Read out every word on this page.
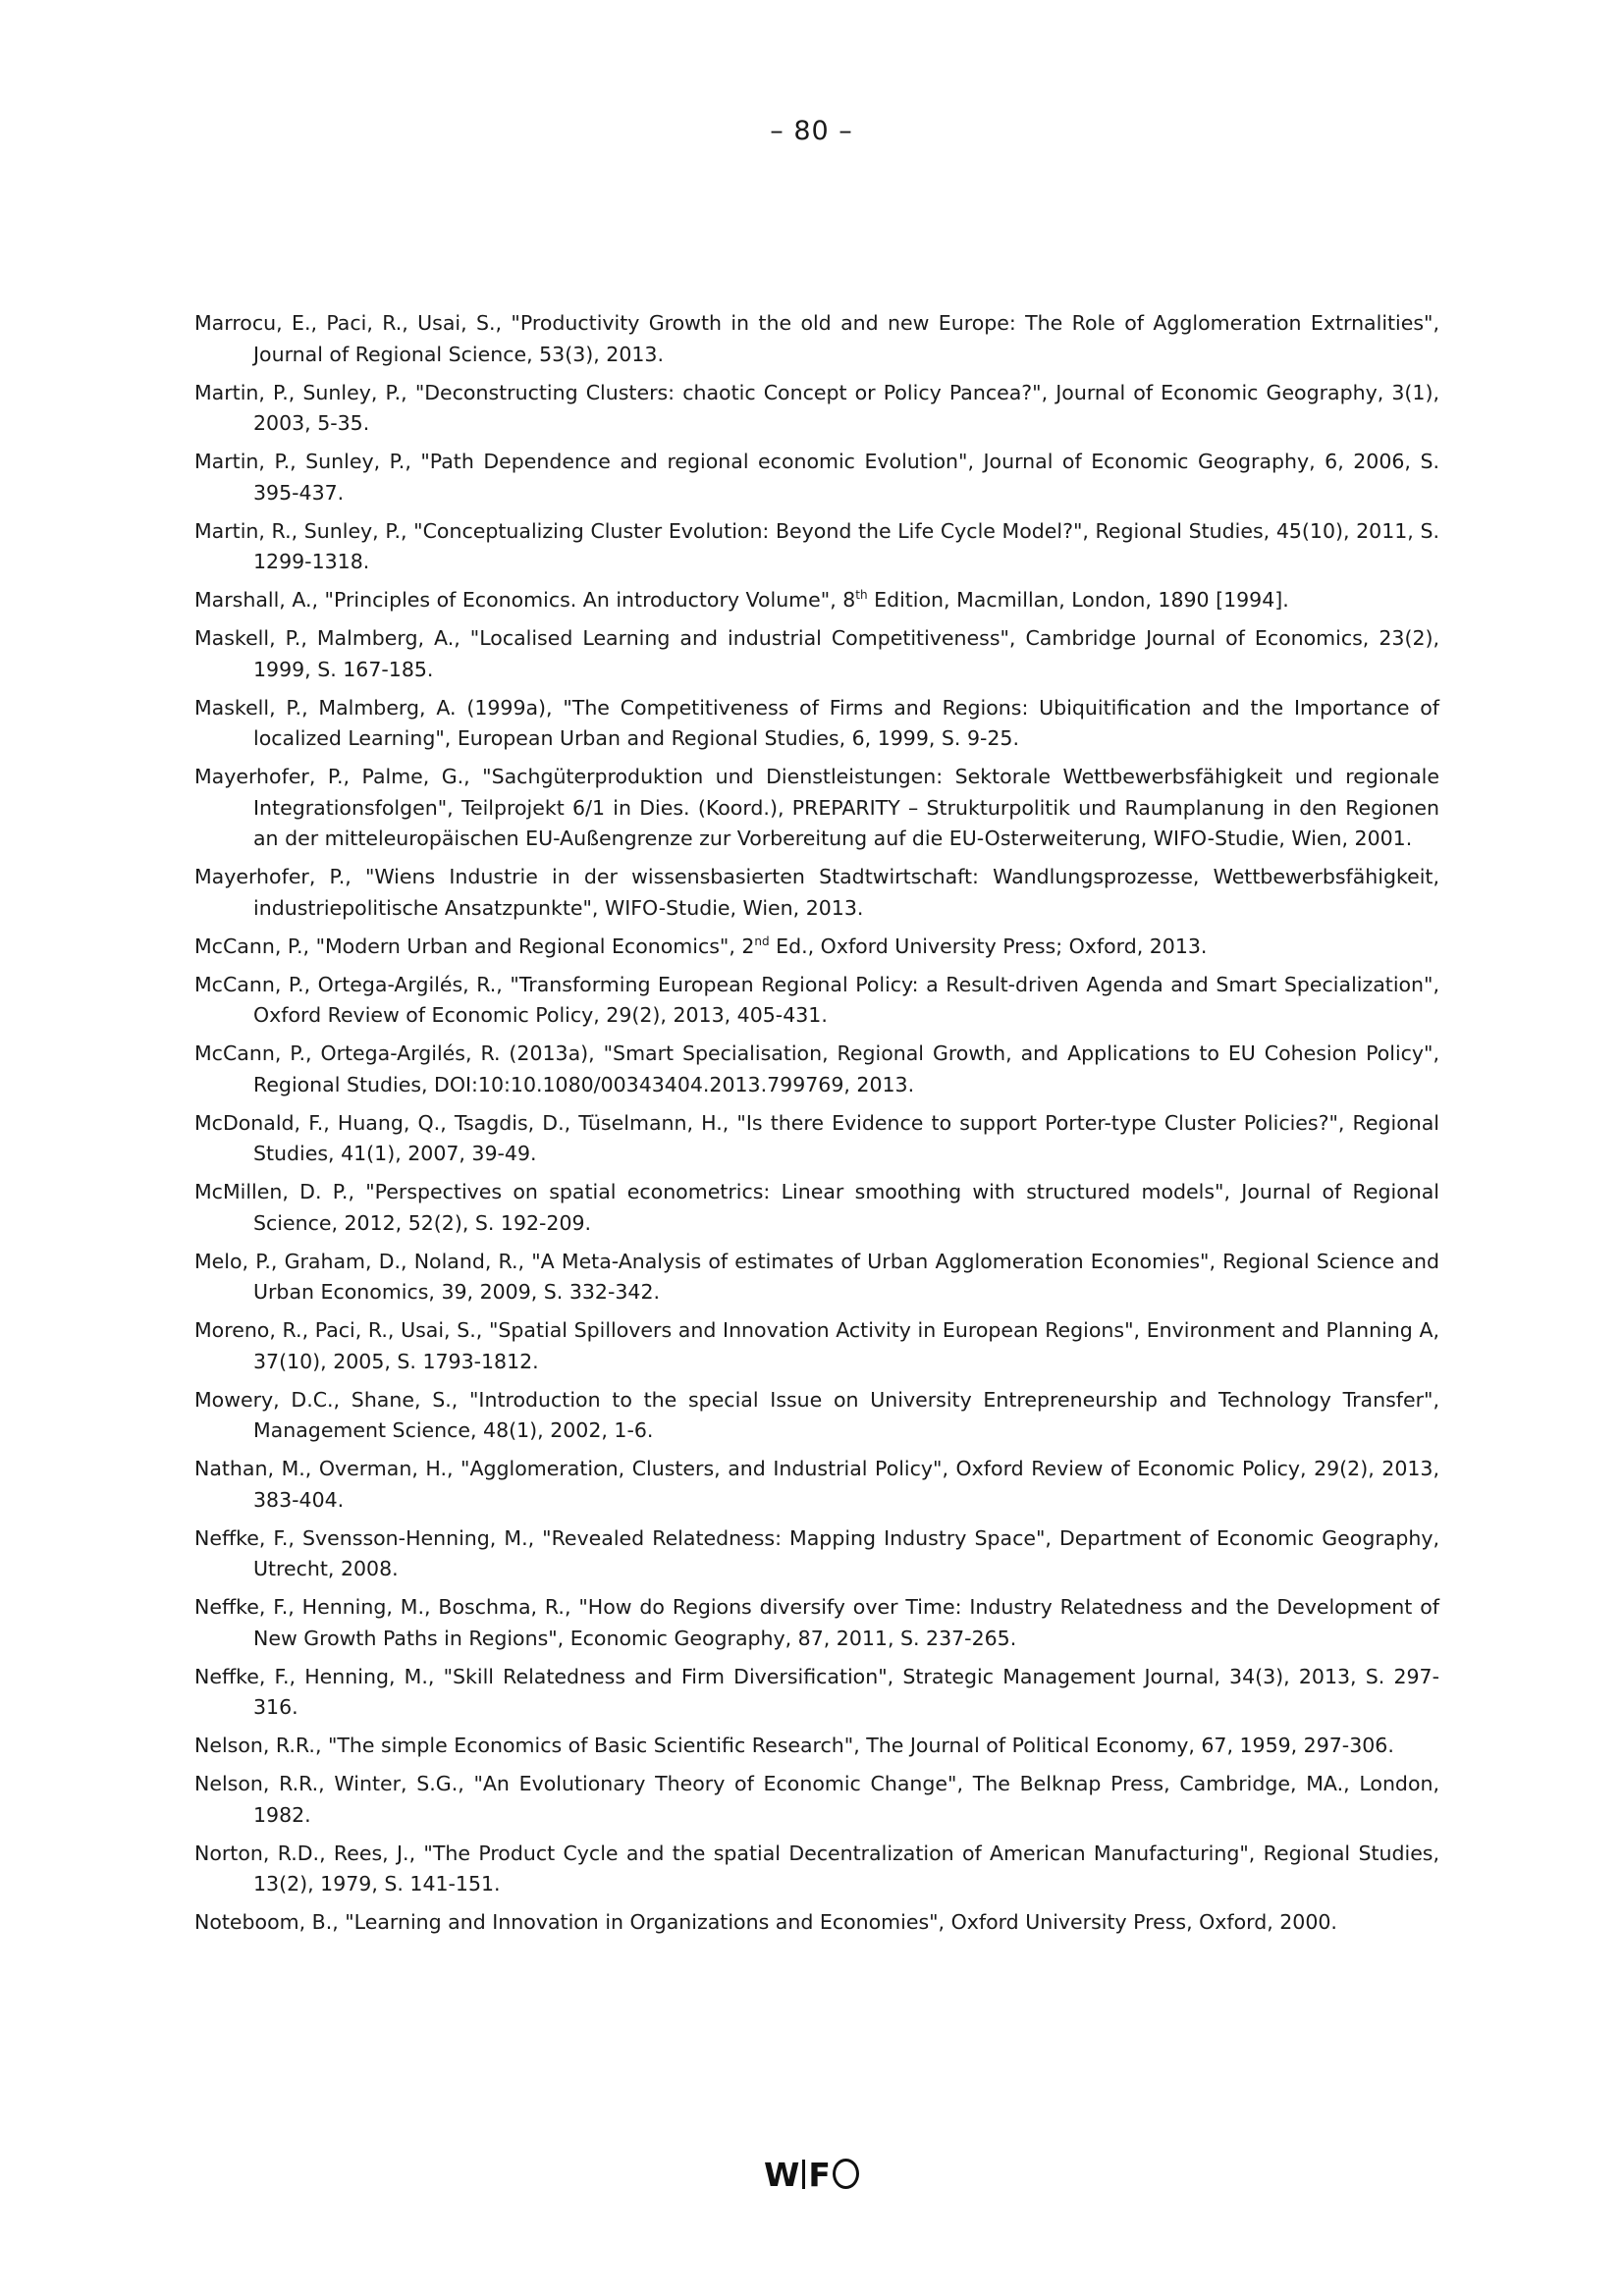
– 80 –
Marrocu, E., Paci, R., Usai, S., "Productivity Growth in the old and new Europe: The Role of Agglomeration Extrnalities", Journal of Regional Science, 53(3), 2013.
Martin, P., Sunley, P., "Deconstructing Clusters: chaotic Concept or Policy Pancea?", Journal of Economic Geography, 3(1), 2003, 5-35.
Martin, P., Sunley, P., "Path Dependence and regional economic Evolution", Journal of Economic Geography, 6, 2006, S. 395-437.
Martin, R., Sunley, P., "Conceptualizing Cluster Evolution: Beyond the Life Cycle Model?", Regional Studies, 45(10), 2011, S. 1299-1318.
Marshall, A., "Principles of Economics. An introductory Volume", 8th Edition, Macmillan, London, 1890 [1994].
Maskell, P., Malmberg, A., "Localised Learning and industrial Competitiveness", Cambridge Journal of Economics, 23(2), 1999, S. 167-185.
Maskell, P., Malmberg, A. (1999a), "The Competitiveness of Firms and Regions: Ubiquitification and the Importance of localized Learning", European Urban and Regional Studies, 6, 1999, S. 9-25.
Mayerhofer, P., Palme, G., "Sachgüterproduktion und Dienstleistungen: Sektorale Wettbewerbsfähigkeit und regionale Integrationsfolgen", Teilprojekt 6/1 in Dies. (Koord.), PREPARITY – Strukturpolitik und Raumplanung in den Regionen an der mitteleuropäischen EU-Außengrenze zur Vorbereitung auf die EU-Osterweiterung, WIFO-Studie, Wien, 2001.
Mayerhofer, P., "Wiens Industrie in der wissensbasierten Stadtwirtschaft: Wandlungsprozesse, Wettbewerbsfähigkeit, industriepolitische Ansatzpunkte", WIFO-Studie, Wien, 2013.
McCann, P., "Modern Urban and Regional Economics", 2nd Ed., Oxford University Press; Oxford, 2013.
McCann, P., Ortega-Argilés, R., "Transforming European Regional Policy: a Result-driven Agenda and Smart Specialization", Oxford Review of Economic Policy, 29(2), 2013, 405-431.
McCann, P., Ortega-Argilés, R. (2013a), "Smart Specialisation, Regional Growth, and Applications to EU Cohesion Policy", Regional Studies, DOI:10:10.1080/00343404.2013.799769, 2013.
McDonald, F., Huang, Q., Tsagdis, D., Tüselmann, H., "Is there Evidence to support Porter-type Cluster Policies?", Regional Studies, 41(1), 2007, 39-49.
McMillen, D. P., "Perspectives on spatial econometrics: Linear smoothing with structured models", Journal of Regional Science, 2012, 52(2), S. 192-209.
Melo, P., Graham, D., Noland, R., "A Meta-Analysis of estimates of Urban Agglomeration Economies", Regional Science and Urban Economics, 39, 2009, S. 332-342.
Moreno, R., Paci, R., Usai, S., "Spatial Spillovers and Innovation Activity in European Regions", Environment and Planning A, 37(10), 2005, S. 1793-1812.
Mowery, D.C., Shane, S., "Introduction to the special Issue on University Entrepreneurship and Technology Transfer", Management Science, 48(1), 2002, 1-6.
Nathan, M., Overman, H., "Agglomeration, Clusters, and Industrial Policy", Oxford Review of Economic Policy, 29(2), 2013, 383-404.
Neffke, F., Svensson-Henning, M., "Revealed Relatedness: Mapping Industry Space", Department of Economic Geography, Utrecht, 2008.
Neffke, F., Henning, M., Boschma, R., "How do Regions diversify over Time: Industry Relatedness and the Development of New Growth Paths in Regions", Economic Geography, 87, 2011, S. 237-265.
Neffke, F., Henning, M., "Skill Relatedness and Firm Diversification", Strategic Management Journal, 34(3), 2013, S. 297-316.
Nelson, R.R., "The simple Economics of Basic Scientific Research", The Journal of Political Economy, 67, 1959, 297-306.
Nelson, R.R., Winter, S.G., "An Evolutionary Theory of Economic Change", The Belknap Press, Cambridge, MA., London, 1982.
Norton, R.D., Rees, J., "The Product Cycle and the spatial Decentralization of American Manufacturing", Regional Studies, 13(2), 1979, S. 141-151.
Noteboom, B., "Learning and Innovation in Organizations and Economies", Oxford University Press, Oxford, 2000.
W F
